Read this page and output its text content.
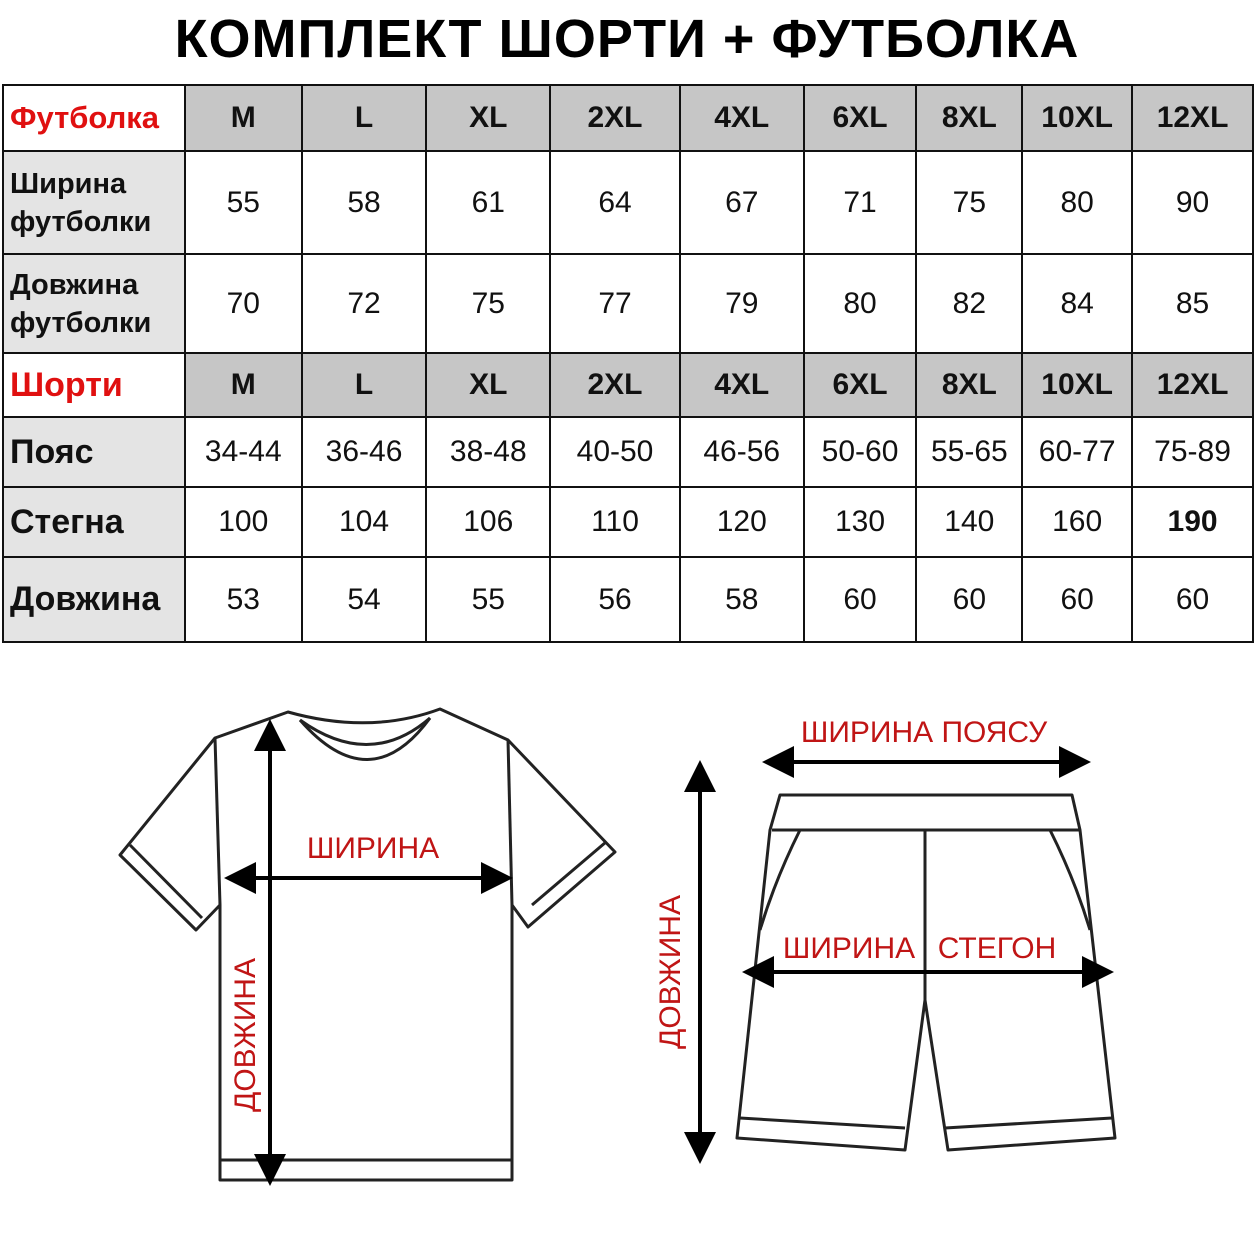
КОМПЛЕКТ ШОРТИ + ФУТБОЛКА
Футболка	M	L	XL	2XL	4XL	6XL	8XL	10XL	12XL
Ширина
футболки	55	58	61	64	67	71	75	80	90
Довжина
футболки	70	72	75	77	79	80	82	84	85
Шорти	M	L	XL	2XL	4XL	6XL	8XL	10XL	12XL
Пояс	34-44	36-46	38-48	40-50	46-56	50-60	55-65	60-77	75-89
Стегна	100	104	106	110	120	130	140	160	190
Довжина	53	54	55	56	58	60	60	60	60
ШИРИНА
ДОВЖИНА
ШИРИНА ПОЯСУ
ШИРИНА СТЕГОН
ДОВЖИНА
